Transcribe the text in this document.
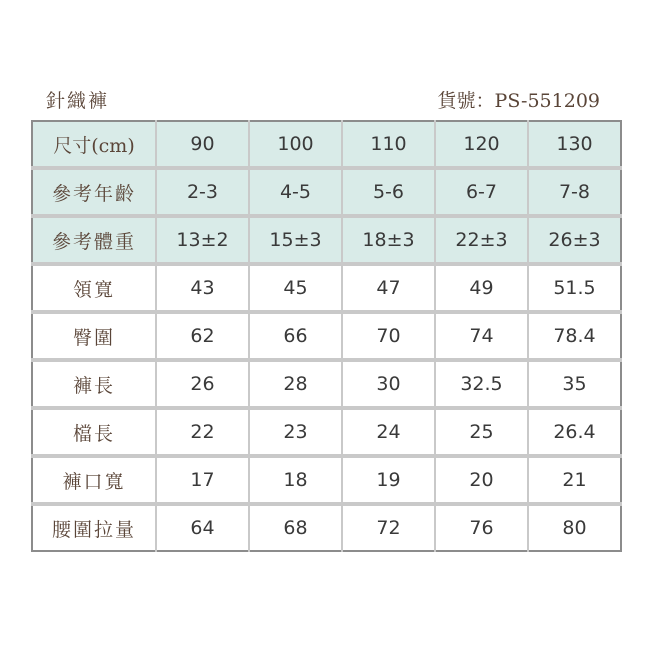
針織褲	貨號：PS-551209
尺寸(cm)	90	100	110	120	130
參考年齡	2-3	4-5	5-6	6-7	7-8
參考體重	13±2	15±3	18±3	22±3	26±3
領寬	43	45	47	49	51.5
臀圍	62	66	70	74	78.4
褲長	26	28	30	32.5	35
檔長	22	23	24	25	26.4
褲口寬	17	18	19	20	21
腰圍拉量	64	68	72	76	80
